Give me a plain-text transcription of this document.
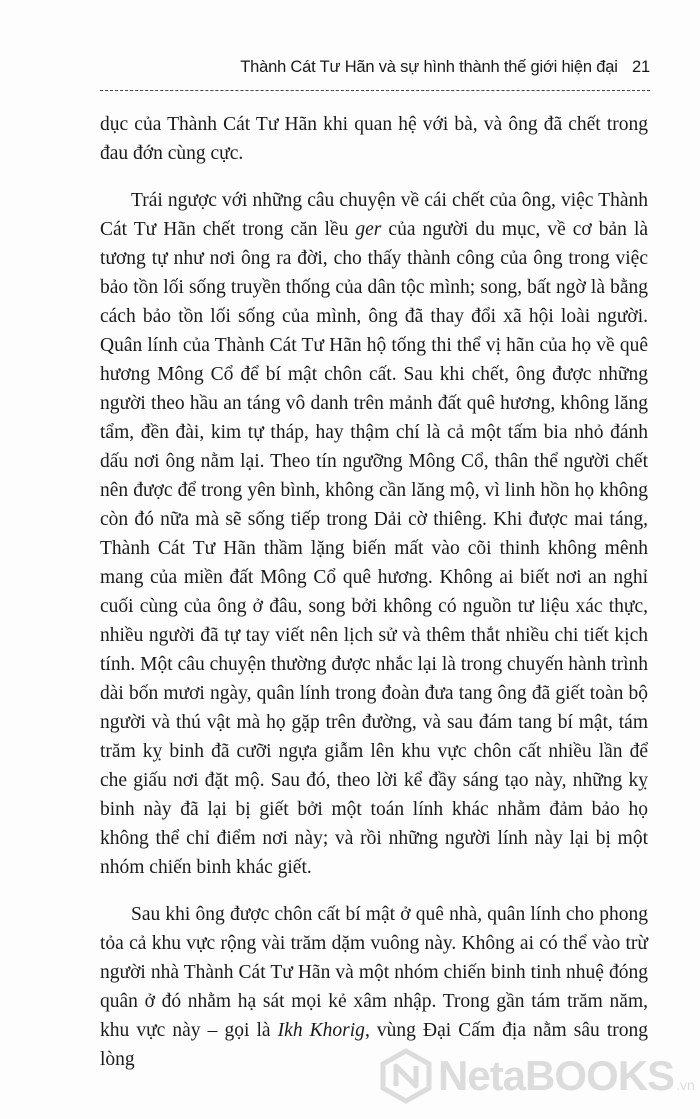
Thành Cát Tư Hãn và sự hình thành thế giới hiện đại 21

dục của Thành Cát Tư Hãn khi quan hệ với bà, và ông đã chết trong đau đớn cùng cực.

Trái ngược với những câu chuyện về cái chết của ông, việc Thành Cát Tư Hãn chết trong căn lều ger của người du mục, về cơ bản là tương tự như nơi ông ra đời, cho thấy thành công của ông trong việc bảo tồn lối sống truyền thống của dân tộc mình; song, bất ngờ là bằng cách bảo tồn lối sống của mình, ông đã thay đổi xã hội loài người. Quân lính của Thành Cát Tư Hãn hộ tống thi thể vị hãn của họ về quê hương Mông Cổ để bí mật chôn cất. Sau khi chết, ông được những người theo hầu an táng vô danh trên mảnh đất quê hương, không lăng tẩm, đền đài, kim tự tháp, hay thậm chí là cả một tấm bia nhỏ đánh dấu nơi ông nằm lại. Theo tín ngưỡng Mông Cổ, thân thể người chết nên được để trong yên bình, không cần lăng mộ, vì linh hồn họ không còn đó nữa mà sẽ sống tiếp trong Dải cờ thiêng. Khi được mai táng, Thành Cát Tư Hãn thầm lặng biến mất vào cõi thinh không mênh mang của miền đất Mông Cổ quê hương. Không ai biết nơi an nghỉ cuối cùng của ông ở đâu, song bởi không có nguồn tư liệu xác thực, nhiều người đã tự tay viết nên lịch sử và thêm thắt nhiều chi tiết kịch tính. Một câu chuyện thường được nhắc lại là trong chuyến hành trình dài bốn mươi ngày, quân lính trong đoàn đưa tang ông đã giết toàn bộ người và thú vật mà họ gặp trên đường, và sau đám tang bí mật, tám trăm kỵ binh đã cưỡi ngựa giẫm lên khu vực chôn cất nhiều lần để che giấu nơi đặt mộ. Sau đó, theo lời kể đầy sáng tạo này, những kỵ binh này đã lại bị giết bởi một toán lính khác nhằm đảm bảo họ không thể chỉ điểm nơi này; và rồi những người lính này lại bị một nhóm chiến binh khác giết.

Sau khi ông được chôn cất bí mật ở quê nhà, quân lính cho phong tỏa cả khu vực rộng vài trăm dặm vuông này. Không ai có thể vào trừ người nhà Thành Cát Tư Hãn và một nhóm chiến binh tinh nhuệ đóng quân ở đó nhằm hạ sát mọi kẻ xâm nhập. Trong gần tám trăm năm, khu vực này – gọi là Ikh Khorig, vùng Đại Cấm địa nằm sâu trong lòng	NetaBOOKS .vn
